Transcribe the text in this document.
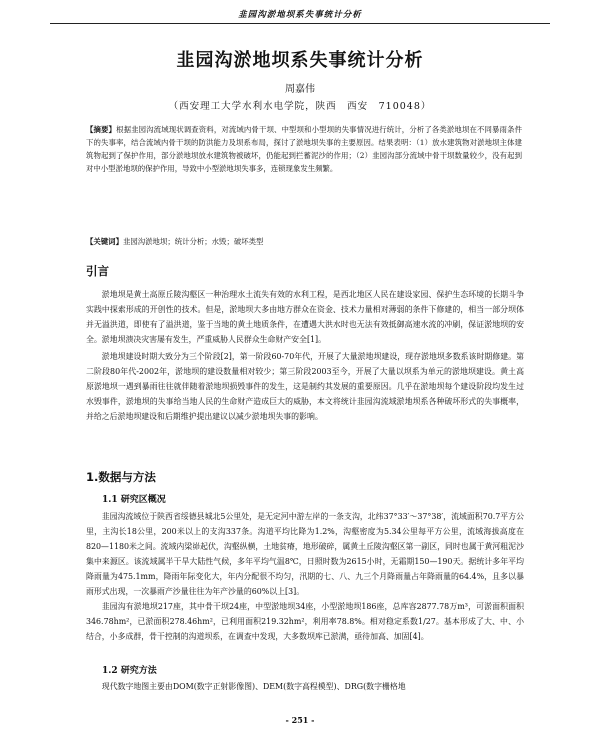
韭园沟淤地坝系失事统计分析
韭园沟淤地坝系失事统计分析
周嘉伟
（西安理工大学水利水电学院，陕西　西安　710048）
【摘要】根据韭园沟流域现状调查资料，对流域内骨干坝、中型坝和小型坝的失事情况进行统计，分析了各类淤地坝在不同暴雨条件下的失事率，结合流域内骨干坝的防洪能力及坝系布局，探讨了淤地坝失事的主要原因。结果表明：（1）放水建筑物对淤地坝主体建筑物起到了保护作用，部分淤地坝放水建筑物被破坏，仍能起到拦蓄泥沙的作用；（2）韭园沟部分流域中骨干坝数量较少，没有起到对中小型淤地坝的保护作用，导致中小型淤地坝失事多，连锁现象发生频繁。
【关键词】韭园沟淤地坝；统计分析；水毁；破坏类型
引言

淤地坝是黄土高原丘陵沟壑区一种治理水土流失有效的水利工程，是西北地区人民在建设家园、保护生态环境的长期斗争实践中探索形成的开创性的技术。但是，淤地坝大多由地方群众在资金、技术力量相对薄弱的条件下修建的，相当一部分坝体并无溢洪道，即使有了溢洪道，鉴于当地的黄土地质条件，在遭遇大洪水时也无法有效抵御高速水流的冲刷，保证淤地坝的安全。淤地坝溃决灾害屡有发生，严重威胁人民群众生命财产安全[1]。

淤地坝建设时期大致分为三个阶段[2]，第一阶段60-70年代，开展了大量淤地坝建设，现存淤地坝多数系该时期修建。第二阶段80年代-2002年，淤地坝的建设数量相对较少；第三阶段2003至今，开展了大量以坝系为单元的淤地坝建设。黄土高原淤地坝一遇到暴雨往往就伴随着淤地坝损毁事件的发生，这是制约其发展的重要原因。几乎在淤地坝每个建设阶段均发生过水毁事件，淤地坝的失事给当地人民的生命财产造成巨大的威胁，本文将统计韭园沟流域淤地坝系各种破坏形式的失事概率，并给之后淤地坝建设和后期维护提出建议以减少淤地坝失事的影响。

1.数据与方法
1.1 研究区概况

韭园沟流域位于陕西省绥德县城北5公里处，是无定河中游左岸的一条支沟，北纬37°33′～37°38′，流域面积70.7平方公里，主沟长18公里，200米以上的支沟337条。沟道平均比降为1.2%，沟壑密度为5.34公里每平方公里，流域海拔高度在820—1180米之间。流域内梁峁起伏，沟壑纵横，土地贫瘠，地形破碎，属黄土丘陵沟壑区第一副区，同时也属于黄河粗泥沙集中来源区。该流域属半干旱大陆性气候，多年平均气温8℃，日照时数为2615小时，无霜期150—190天。据统计多年平均降雨量为475.1mm，降雨年际变化大，年内分配很不均匀，汛期的七、八、九三个月降雨量占年降雨量的64.4%，且多以暴雨形式出现，一次暴雨产沙量往往为年产沙量的60%以上[3]。

韭园沟有淤地坝217座，其中骨干坝24座，中型淤地坝34座，小型淤地坝186座，总库容2877.78万m³，可淤面积面积346.78hm²，已淤面积278.46hm²，已利用面积219.32hm²，利用率78.8%。相对稳定系数1/27。基本形成了大、中、小结合，小多成群，骨干控制的沟道坝系，在调查中发现，大多数坝库已淤满，亟待加高、加固[4]。

1.2 研究方法

现代数字地图主要由DOM(数字正射影像图)、DEM(数字高程模型)、DRG(数字栅格地

- 251 -
